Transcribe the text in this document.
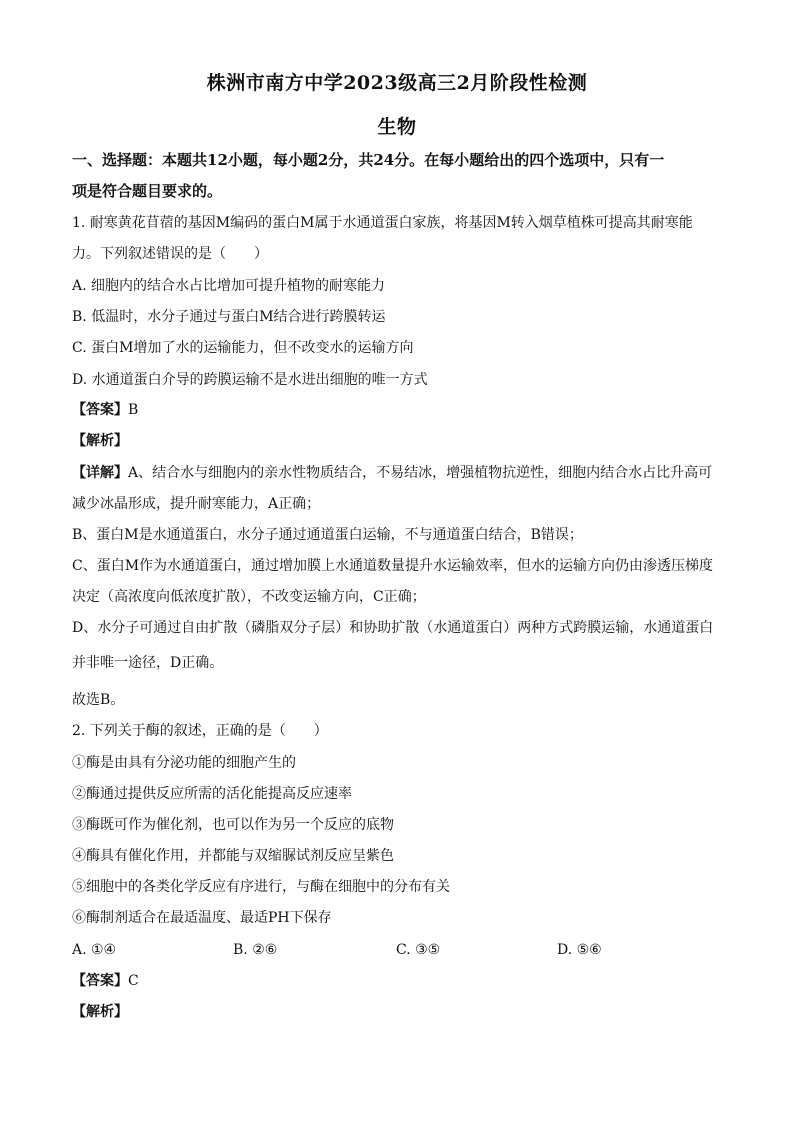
株洲市南方中学2023级高三2月阶段性检测
生物
一、选择题：本题共12小题，每小题2分，共24分。在每小题给出的四个选项中，只有一
项是符合题目要求的。
1. 耐寒黄花苜蓿的基因M编码的蛋白M属于水通道蛋白家族，将基因M转入烟草植株可提高其耐寒能
力。下列叙述错误的是（　　）
A. 细胞内的结合水占比增加可提升植物的耐寒能力
B. 低温时，水分子通过与蛋白M结合进行跨膜转运
C. 蛋白M增加了水的运输能力，但不改变水的运输方向
D. 水通道蛋白介导的跨膜运输不是水进出细胞的唯一方式
【答案】B
【解析】
【详解】A、结合水与细胞内的亲水性物质结合，不易结冰，增强植物抗逆性，细胞内结合水占比升高可
减少冰晶形成，提升耐寒能力，A正确；
B、蛋白M是水通道蛋白，水分子通过通道蛋白运输，不与通道蛋白结合，B错误；
C、蛋白M作为水通道蛋白，通过增加膜上水通道数量提升水运输效率，但水的运输方向仍由渗透压梯度
决定（高浓度向低浓度扩散），不改变运输方向，C正确；
D、水分子可通过自由扩散（磷脂双分子层）和协助扩散（水通道蛋白）两种方式跨膜运输，水通道蛋白
并非唯一途径，D正确。
故选B。
2. 下列关于酶的叙述，正确的是（　　）
①酶是由具有分泌功能的细胞产生的
②酶通过提供反应所需的活化能提高反应速率
③酶既可作为催化剂，也可以作为另一个反应的底物
④酶具有催化作用，并都能与双缩脲试剂反应呈紫色
⑤细胞中的各类化学反应有序进行，与酶在细胞中的分布有关
⑥酶制剂适合在最适温度、最适PH下保存
A. ①④	B. ②⑥	C. ③⑤	D. ⑤⑥
【答案】C
【解析】
